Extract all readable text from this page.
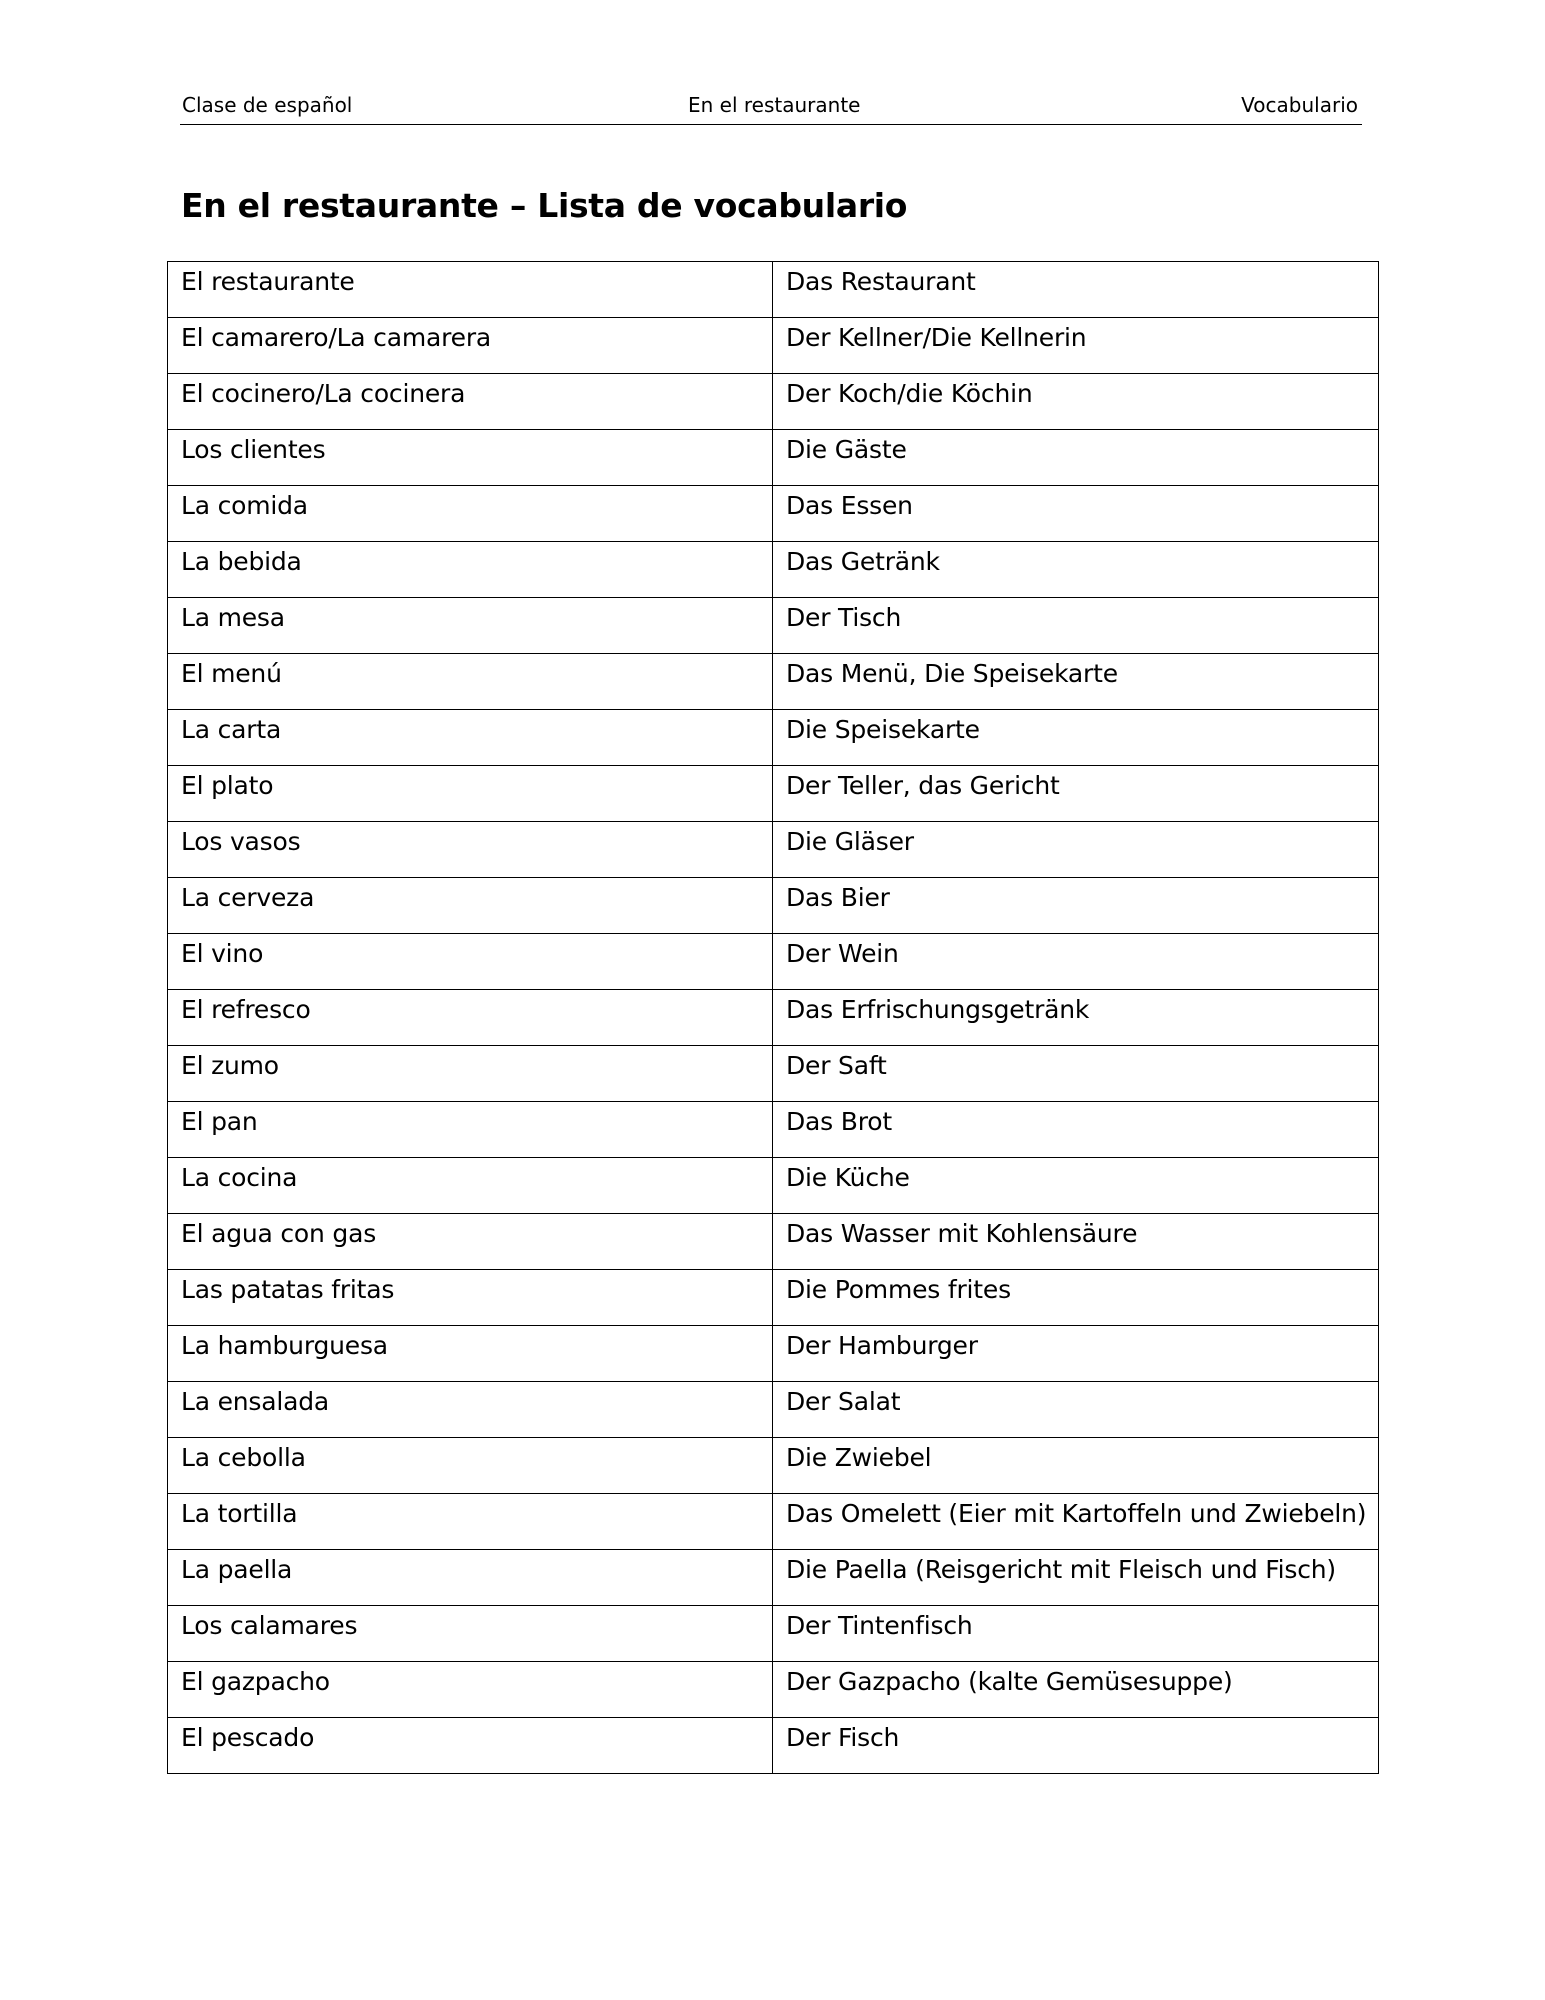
Clase de español	En el restaurante	Vocabulario
En el restaurante – Lista de vocabulario
El restaurante	Das Restaurant
El camarero/La camarera	Der Kellner/Die Kellnerin
El cocinero/La cocinera	Der Koch/die Köchin
Los clientes	Die Gäste
La comida	Das Essen
La bebida	Das Getränk
La mesa	Der Tisch
El menú	Das Menü, Die Speisekarte
La carta	Die Speisekarte
El plato	Der Teller, das Gericht
Los vasos	Die Gläser
La cerveza	Das Bier
El vino	Der Wein
El refresco	Das Erfrischungsgetränk
El zumo	Der Saft
El pan	Das Brot
La cocina	Die Küche
El agua con gas	Das Wasser mit Kohlensäure
Las patatas fritas	Die Pommes frites
La hamburguesa	Der Hamburger
La ensalada	Der Salat
La cebolla	Die Zwiebel
La tortilla	Das Omelett (Eier mit Kartoffeln und Zwiebeln)
La paella	Die Paella (Reisgericht mit Fleisch und Fisch)
Los calamares	Der Tintenfisch
El gazpacho	Der Gazpacho (kalte Gemüsesuppe)
El pescado	Der Fisch
